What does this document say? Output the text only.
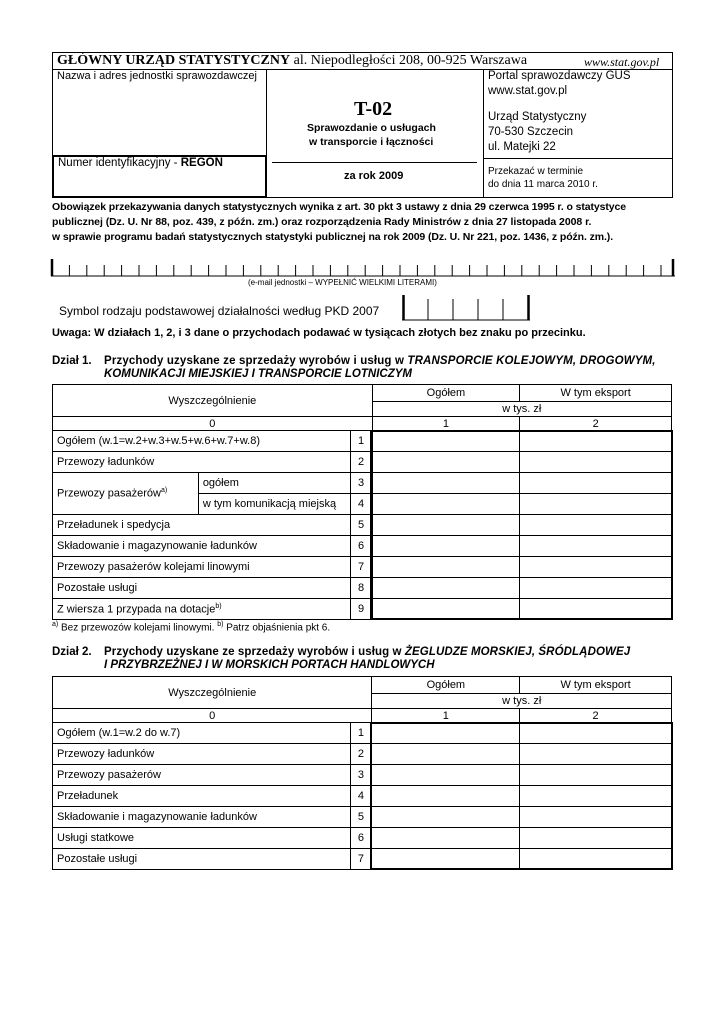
GŁÓWNY URZĄD STATYSTYCZNY al. Niepodległości 208, 00-925 Warszawa	www.stat.gov.pl
Nazwa i adres jednostki sprawozdawczej
T-02
Sprawozdanie o usługach
w transporcie i łączności
za rok 2009
Portal sprawozdawczy GUS
www.stat.gov.pl
Urząd Statystyczny
70-530 Szczecin
ul. Matejki 22
Przekazać w terminie
do dnia 11 marca 2010 r.
Numer identyfikacyjny - REGON
Obowiązek przekazywania danych statystycznych wynika z art. 30 pkt 3 ustawy z dnia 29 czerwca 1995 r. o statystyce
publicznej (Dz. U. Nr 88, poz. 439, z późn. zm.) oraz rozporządzenia Rady Ministrów z dnia 27 listopada 2008 r.
w sprawie programu badań statystycznych statystyki publicznej na rok 2009 (Dz. U. Nr 221, poz. 1436, z późn. zm.).
(e-mail jednostki – WYPEŁNIĆ WIELKIMI LITERAMI)
Symbol rodzaju podstawowej działalności według PKD 2007
Uwaga: W działach 1, 2, i 3 dane o przychodach podawać w tysiącach złotych bez znaku po przecinku.
Dział 1. Przychody uzyskane ze sprzedaży wyrobów i usług w TRANSPORCIE KOLEJOWYM, DROGOWYM,
KOMUNIKACJI MIEJSKIEJ I TRANSPORCIE LOTNICZYM
Wyszczególnienie			Ogółem	W tym eksport
			w tys. zł	
0			1	2
Ogółem (w.1=w.2+w.3+w.5+w.6+w.7+w.8)		1		
Przewozy ładunków		2		
Przewozy pasażerów$^{a)}$	ogółem	3		
	w tym komunikacją miejską	4		
Przeładunek i spedycja		5		
Składowanie i magazynowanie ładunków		6		
Przewozy pasażerów kolejami linowymi		7		
Pozostałe usługi		8		
Z wiersza 1 przypada na dotacje$^{b)}$		9		
$^{a)}$ Bez przewozów kolejami linowymi. $^{b)}$ Patrz objaśnienia pkt 6.
Dział 2. Przychody uzyskane ze sprzedaży wyrobów i usług w ŻEGLUDZE MORSKIEJ, ŚRÓDLĄDOWEJ
I PRZYBRZEŻNEJ I W MORSKICH PORTACH HANDLOWYCH
Wyszczególnienie		Ogółem	W tym eksport
		w tys. zł	
0		1	2
Ogółem (w.1=w.2 do w.7)	1		
Przewozy ładunków	2		
Przewozy pasażerów	3		
Przeładunek	4		
Składowanie i magazynowanie ładunków	5		
Usługi statkowe	6		
Pozostałe usługi	7		
